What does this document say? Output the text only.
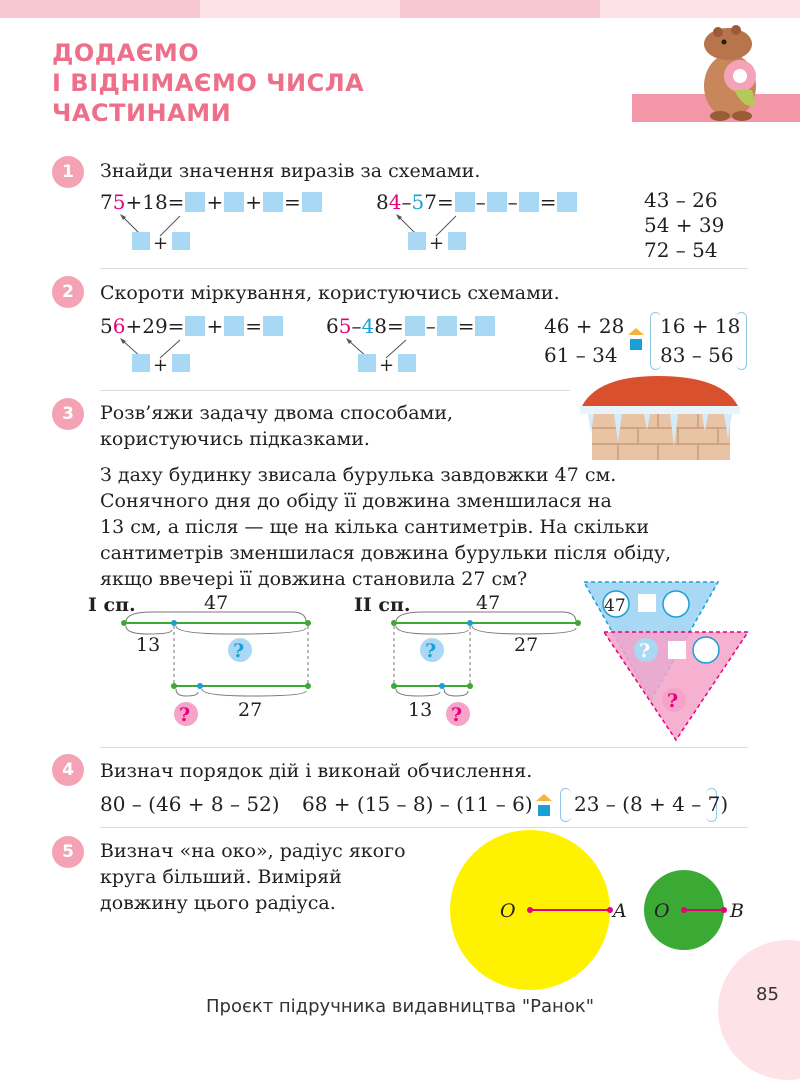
ДОДАЄМО
І ВІДНІМАЄМО ЧИСЛА
ЧАСТИНАМИ
1	Знайди значення виразів за схемами.
7 5 +18= + + =
+
8 4 – 5 7 = – – =
+
43 – 26
54 + 39
72 – 54
2	Скороти міркування, користуючись схемами.
5 6 +29= + =
+
6 5 – 4 8 = – =
+
46 + 28
61 – 34
16 + 18
83 – 56
3	Розв’яжи задачу двома способами,
користуючись підказками.
З даху будинку звисала бурулька завдовжки 47 см.
Сонячного дня до обіду її довжина зменшилася на
13 см, а після — ще на кілька сантиметрів. На скільки
сантиметрів зменшилася довжина бурульки після обіду,
якщо ввечері її довжина становила 27 см?
І сп.	47
13	?
?	27
ІІ сп.	47
?	27
13 ?
47
?
?
4	Визнач порядок дій і виконай обчислення.
80 – (46 + 8 – 52) 68 + (15 – 8) – (11 – 6) 23 – (8 + 4 – 7)
5	Визнач «на око», радіус якого
круга більший. Виміряй
довжину цього радіуса.	O	A O	B
Проєкт підручника видавництва "Ранок"
85
